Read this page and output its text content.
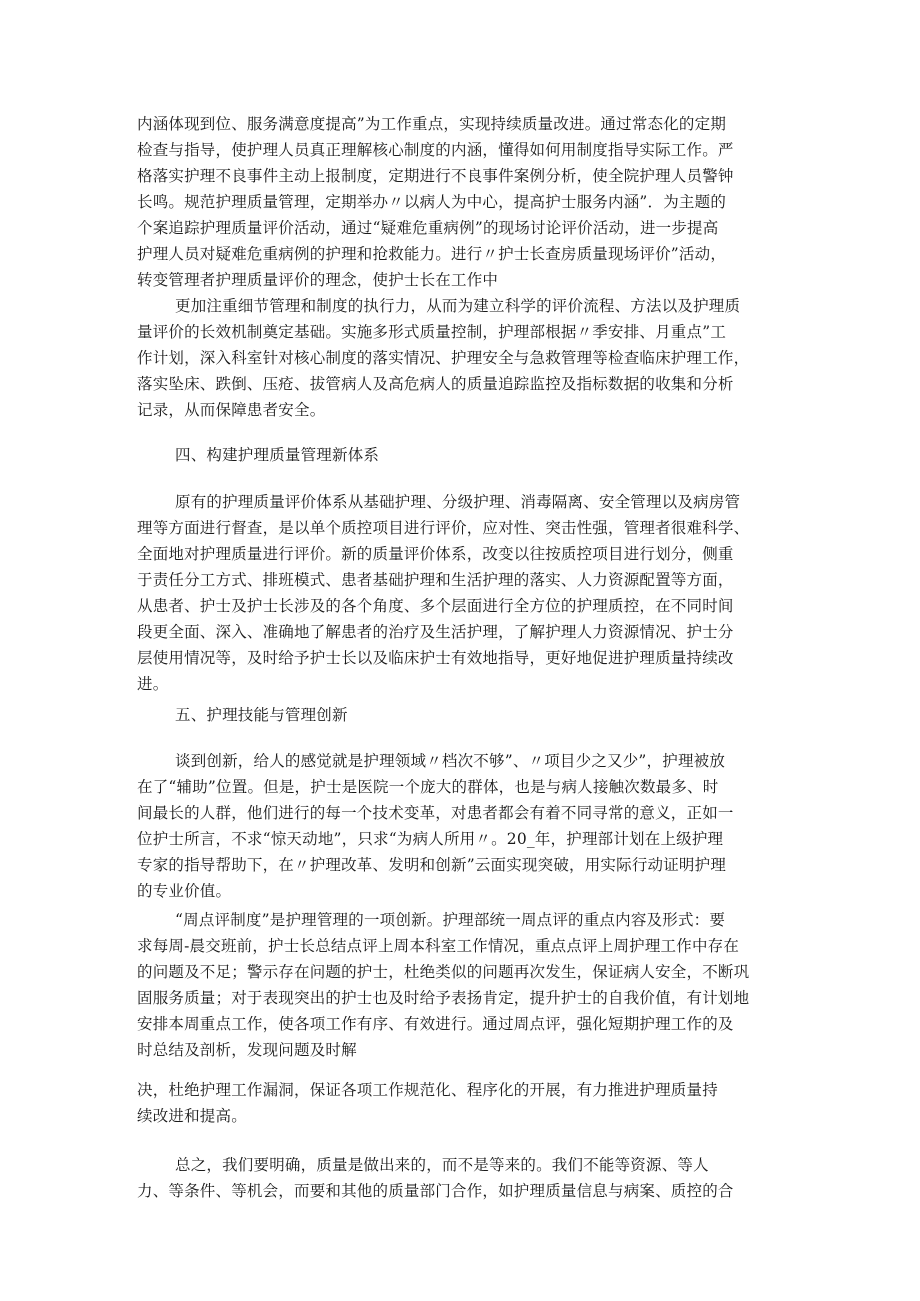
内涵体现到位、服务满意度提高”为工作重点，实现持续质量改进。通过常态化的定期
检查与指导，使护理人员真正理解核心制度的内涵，懂得如何用制度指导实际工作。严
格落实护理不良事件主动上报制度，定期进行不良事件案例分析，使全院护理人员警钟
长鸣。规范护理质量管理，定期举办〃以病人为中心，提高护士服务内涵”．为主题的
个案追踪护理质量评价活动，通过“疑难危重病例”的现场讨论评价活动，进一步提高
护理人员对疑难危重病例的护理和抢救能力。进行〃护士长查房质量现场评价”活动，
转变管理者护理质量评价的理念，使护士长在工作中
更加注重细节管理和制度的执行力，从而为建立科学的评价流程、方法以及护理质
量评价的长效机制奠定基础。实施多形式质量控制，护理部根据〃季安排、月重点”工
作计划，深入科室针对核心制度的落实情况、护理安全与急救管理等检查临床护理工作，
落实坠床、跌倒、压疮、拔管病人及高危病人的质量追踪监控及指标数据的收集和分析
记录，从而保障患者安全。
四、构建护理质量管理新体系
原有的护理质量评价体系从基础护理、分级护理、消毒隔离、安全管理以及病房管
理等方面进行督查，是以单个质控项目进行评价，应对性、突击性强，管理者很难科学、
全面地对护理质量进行评价。新的质量评价体系，改变以往按质控项目进行划分，侧重
于责任分工方式、排班模式、患者基础护理和生活护理的落实、人力资源配置等方面，
从患者、护士及护士长涉及的各个角度、多个层面进行全方位的护理质控，在不同时间
段更全面、深入、准确地了解患者的治疗及生活护理，了解护理人力资源情况、护士分
层使用情况等，及时给予护士长以及临床护士有效地指导，更好地促进护理质量持续改
进。
五、护理技能与管理创新
谈到创新，给人的感觉就是护理领域〃档次不够”、〃项目少之又少”，护理被放
在了“辅助”位置。但是，护士是医院一个庞大的群体，也是与病人接触次数最多、时
间最长的人群，他们进行的每一个技术变革，对患者都会有着不同寻常的意义，正如一
位护士所言，不求“惊天动地”，只求“为病人所用〃。20_年，护理部计划在上级护理
专家的指导帮助下，在〃护理改革、发明和创新”云面实现突破，用实际行动证明护理
的专业价值。
“周点评制度”是护理管理的一项创新。护理部统一周点评的重点内容及形式：要
求每周-晨交班前，护士长总结点评上周本科室工作情况，重点点评上周护理工作中存在
的问题及不足；警示存在问题的护士，杜绝类似的问题再次发生，保证病人安全，不断巩
固服务质量；对于表现突出的护士也及时给予表扬肯定，提升护士的自我价值，有计划地
安排本周重点工作，使各项工作有序、有效进行。通过周点评，强化短期护理工作的及
时总结及剖析，发现问题及时解
决，杜绝护理工作漏洞，保证各项工作规范化、程序化的开展，有力推进护理质量持
续改进和提高。
总之，我们要明确，质量是做出来的，而不是等来的。我们不能等资源、等人
力、等条件、等机会，而要和其他的质量部门合作，如护理质量信息与病案、质控的合
